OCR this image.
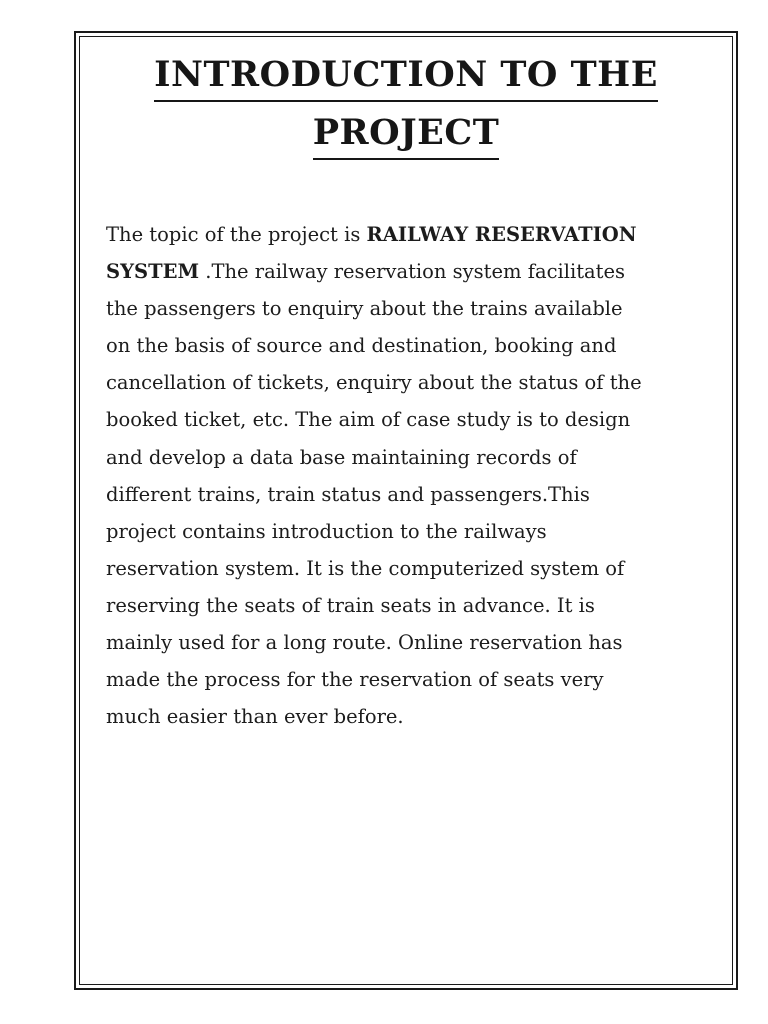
INTRODUCTION TO THE
PROJECT
The topic of the project is RAILWAY RESERVATION
SYSTEM .The railway reservation system facilitates
the passengers to enquiry about the trains available
on the basis of source and destination, booking and
cancellation of tickets, enquiry about the status of the
booked ticket, etc. The aim of case study is to design
and develop a data base maintaining records of
different trains, train status and passengers.This
project contains introduction to the railways
reservation system. It is the computerized system of
reserving the seats of train seats in advance. It is
mainly used for a long route. Online reservation has
made the process for the reservation of seats very
much easier than ever before.
